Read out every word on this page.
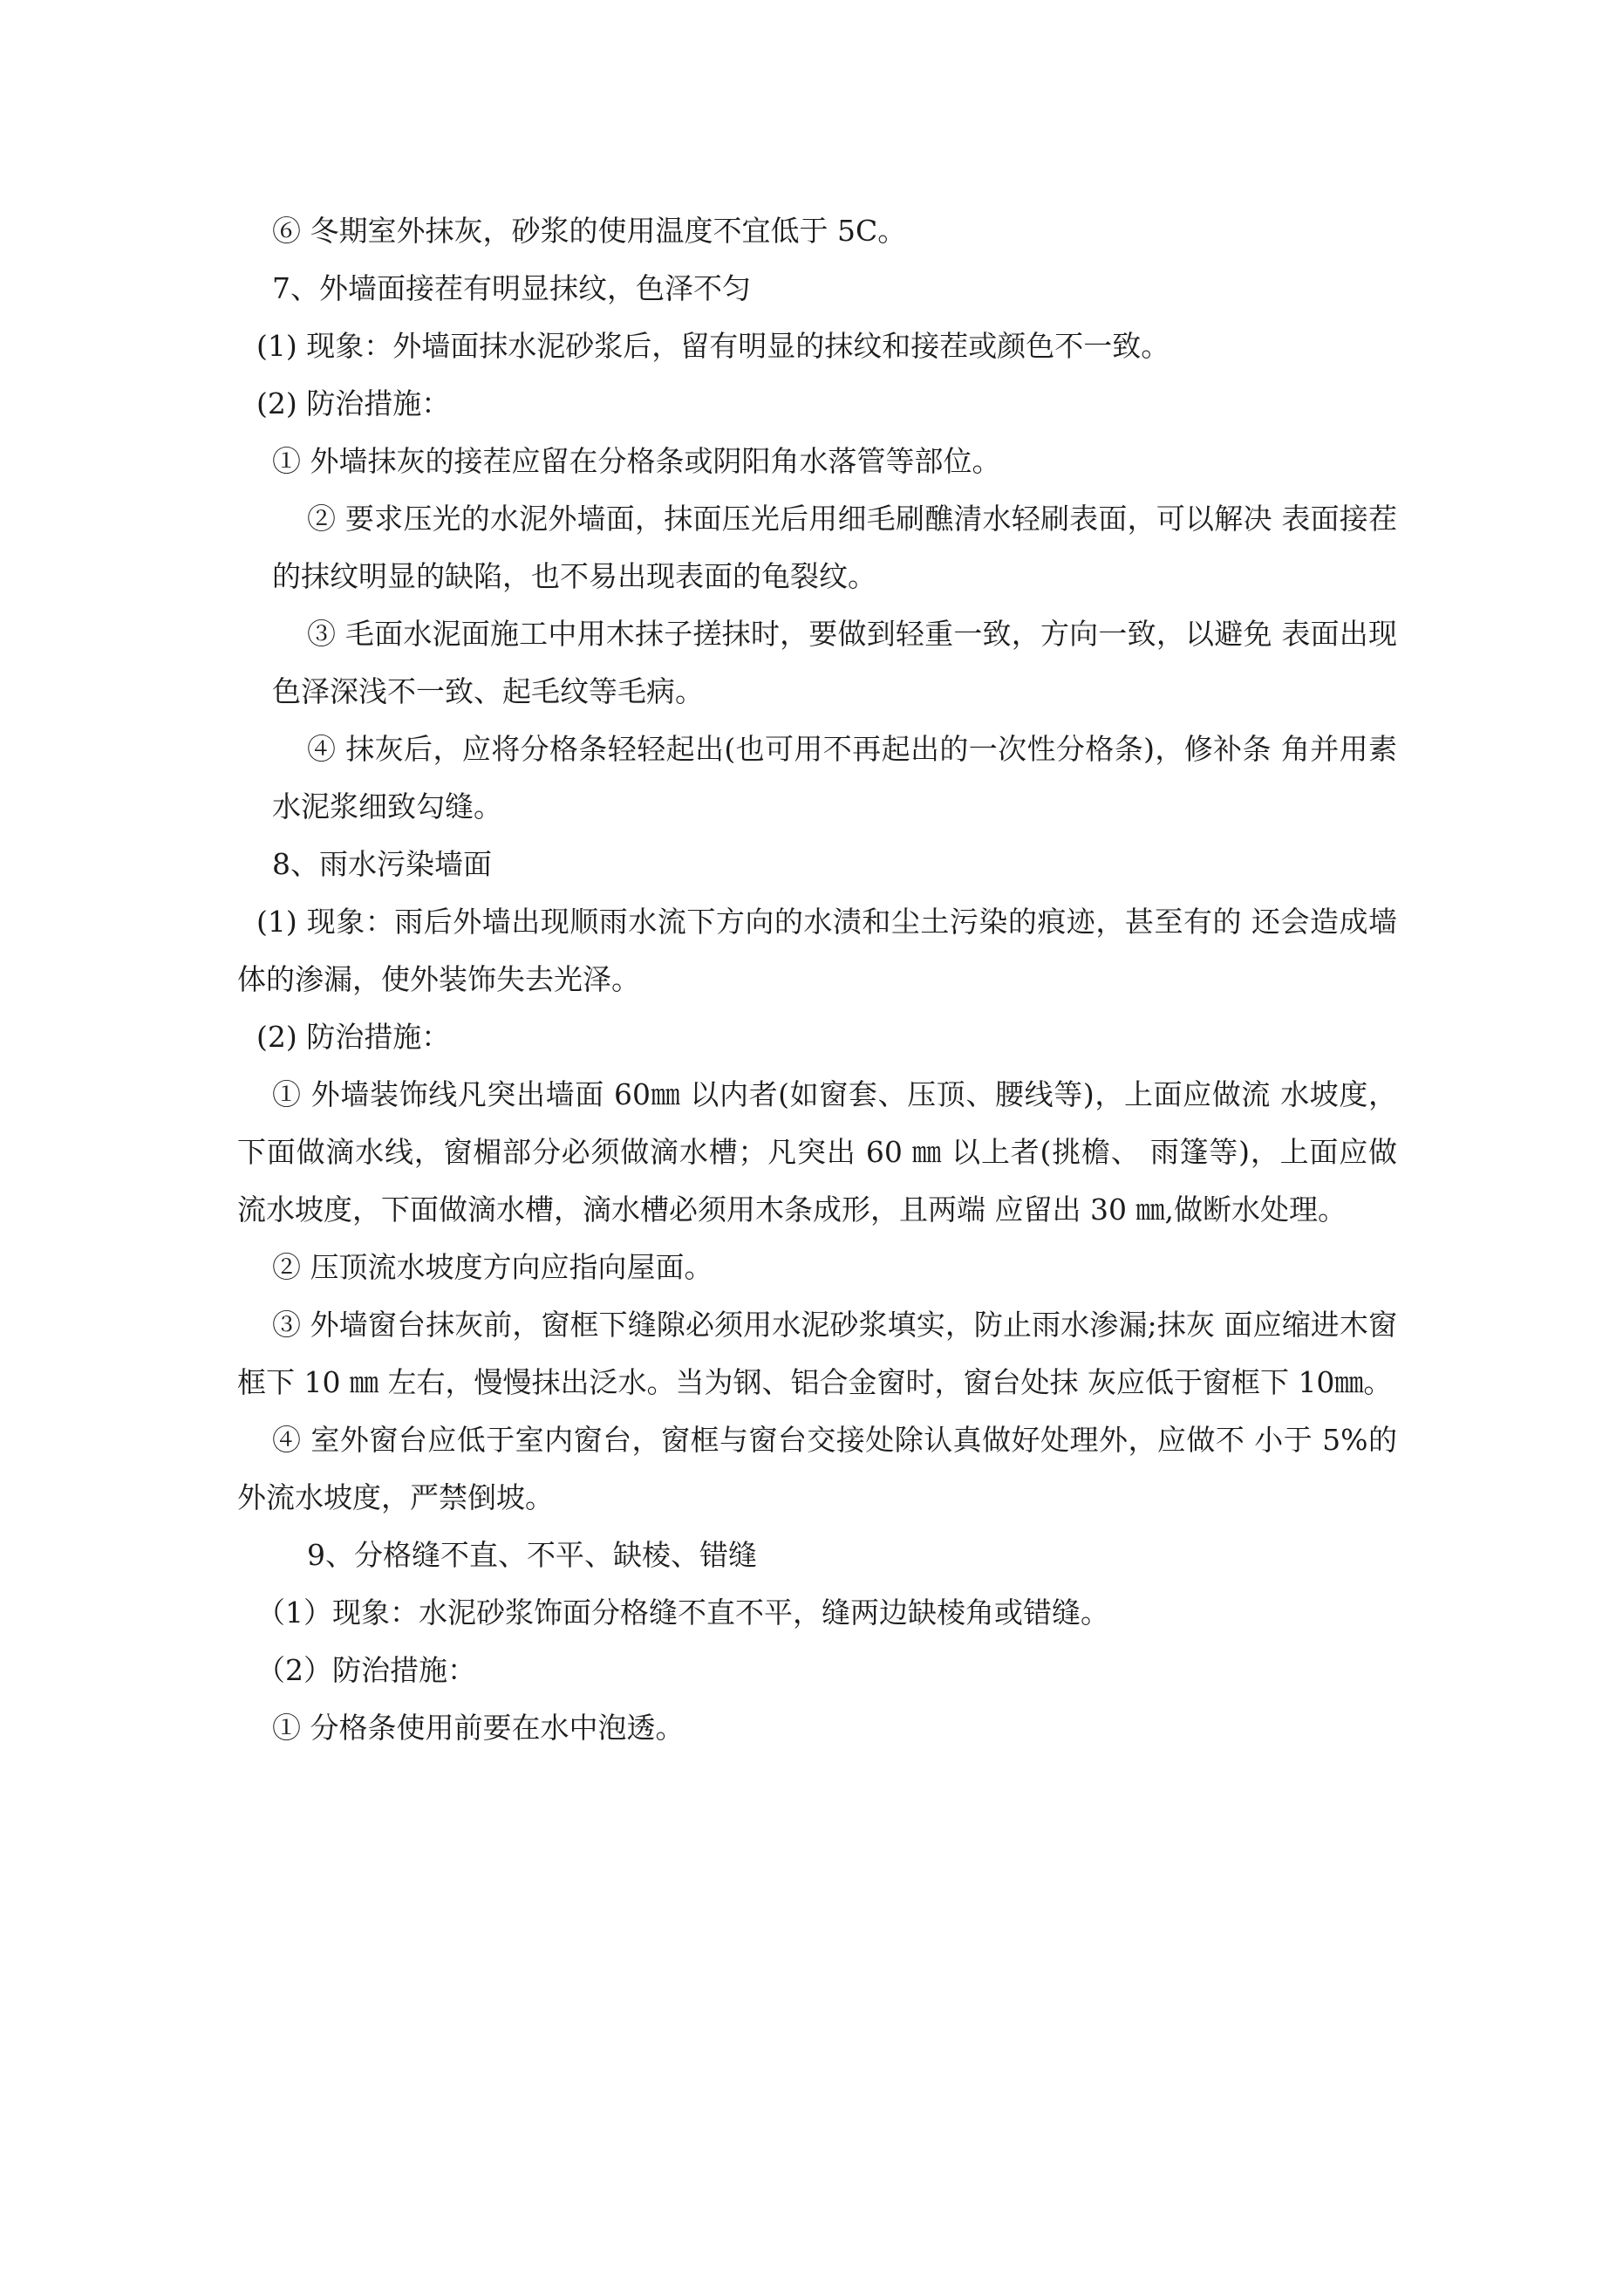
⑥ 冬期室外抹灰，砂浆的使用温度不宜低于 5C。

7、外墙面接茬有明显抹纹，色泽不匀

(1) 现象：外墙面抹水泥砂浆后，留有明显的抹纹和接茬或颜色不一致。

(2) 防治措施：

① 外墙抹灰的接茬应留在分格条或阴阳角水落管等部位。

② 要求压光的水泥外墙面，抹面压光后用细毛刷醮清水轻刷表面，可以解决 表面接茬的抹纹明显的缺陷，也不易出现表面的龟裂纹。

③ 毛面水泥面施工中用木抹子搓抹时，要做到轻重一致，方向一致，以避免 表面出现色泽深浅不一致、起毛纹等毛病。

④ 抹灰后，应将分格条轻轻起出(也可用不再起出的一次性分格条)，修补条 角并用素水泥浆细致勾缝。

8、雨水污染墙面

(1) 现象：雨后外墙出现顺雨水流下方向的水渍和尘土污染的痕迹，甚至有的 还会造成墙体的渗漏，使外装饰失去光泽。

(2) 防治措施：

① 外墙装饰线凡突出墙面 60㎜ 以内者(如窗套、压顶、腰线等)，上面应做流 水坡度，下面做滴水线，窗楣部分必须做滴水槽；凡突出 60 ㎜ 以上者(挑檐、 雨篷等)，上面应做流水坡度，下面做滴水槽，滴水槽必须用木条成形，且两端 应留出 30 ㎜,做断水处理。

② 压顶流水坡度方向应指向屋面。

③ 外墙窗台抹灰前，窗框下缝隙必须用水泥砂浆填实，防止雨水渗漏;抹灰 面应缩进木窗框下 10 ㎜ 左右，慢慢抹出泛水。当为钢、铝合金窗时，窗台处抹 灰应低于窗框下 10㎜。

④ 室外窗台应低于室内窗台，窗框与窗台交接处除认真做好处理外，应做不 小于 5%的外流水坡度，严禁倒坡。

9、分格缝不直、不平、缺棱、错缝

（1）现象：水泥砂浆饰面分格缝不直不平，缝两边缺棱角或错缝。

（2）防治措施：

① 分格条使用前要在水中泡透。
